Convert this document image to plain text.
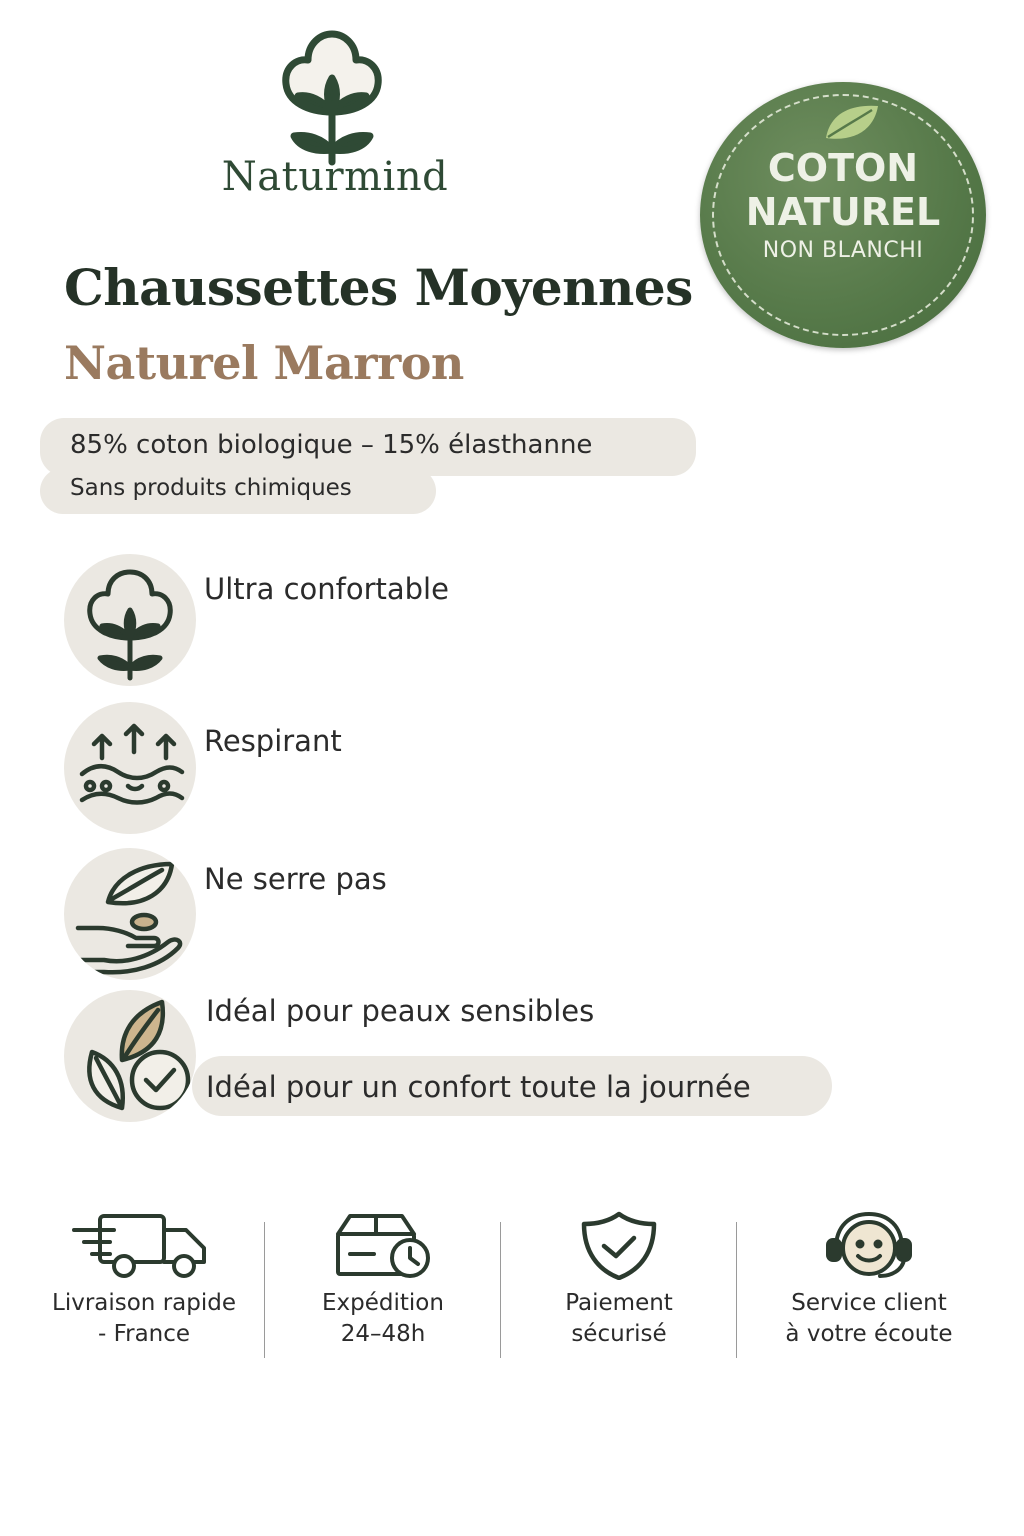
Naturmind	COTON
NATUREL
NON BLANCHI
Chaussettes Moyennes
Naturel Marron
85% coton biologique – 15% élasthanne
Sans produits chimiques
Ultra confortable
Respirant
Ne serre pas
Idéal pour peaux sensibles
Idéal pour un confort toute la journée
Livraison rapide
- France
Expédition
24–48h
Paiement
sécurisé
Service client
à votre écoute
